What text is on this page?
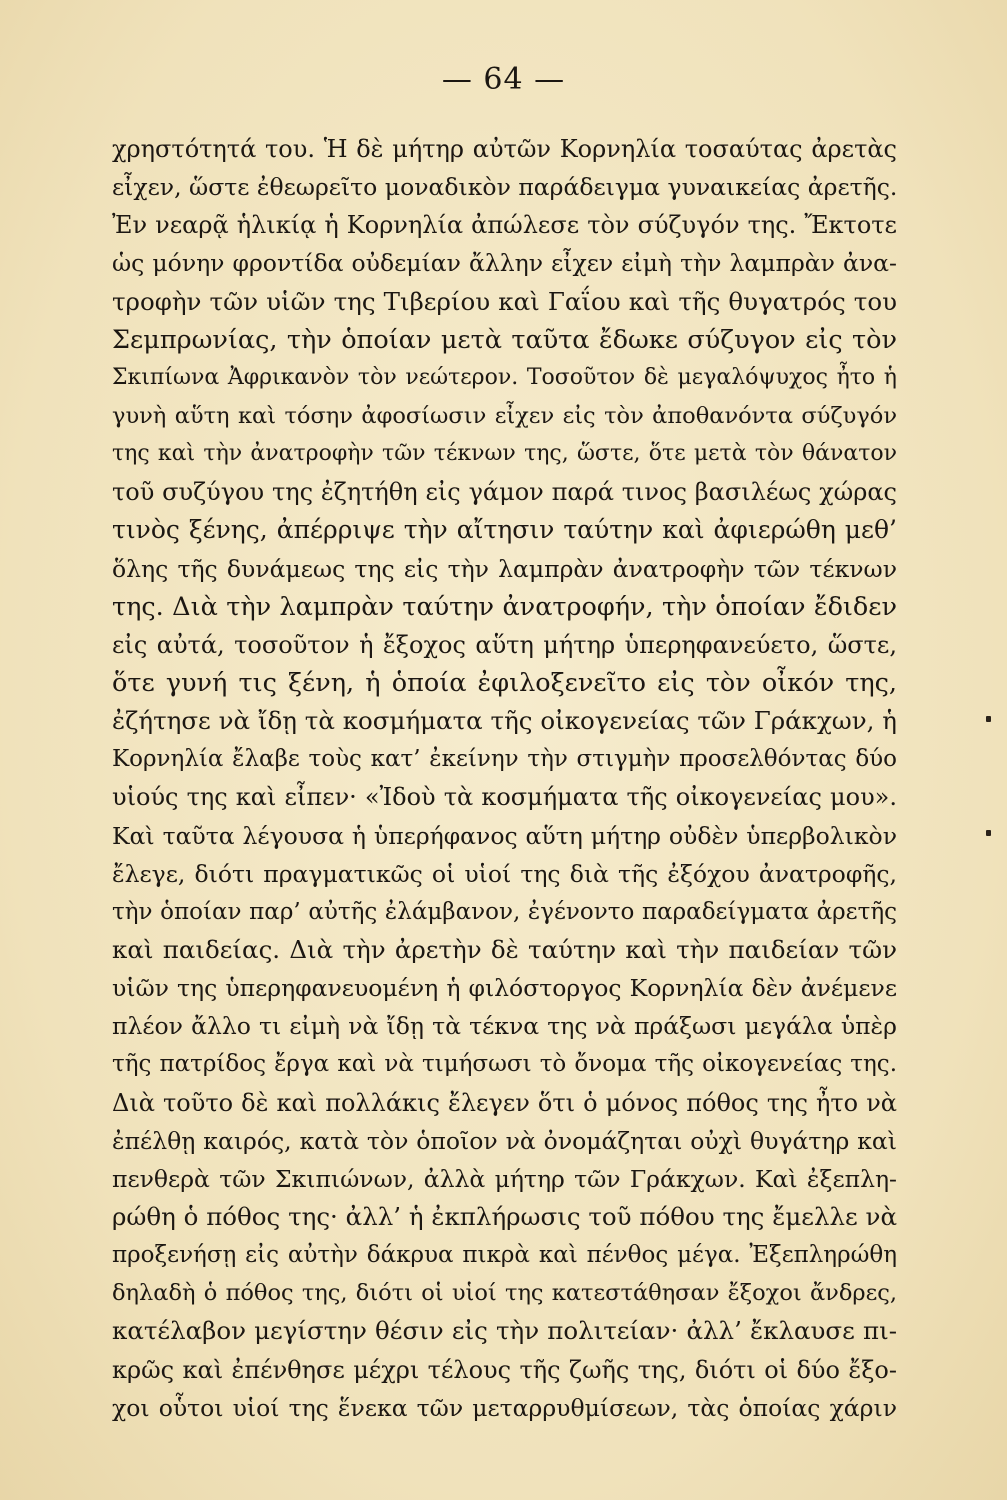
— 64 —
χρηστότητά του. Ἡ δὲ μήτηρ αὐτῶν Κορνηλία τοσαύτας ἀρετὰς
εἶχεν, ὥστε ἐθεωρεῖτο μοναδικὸν παράδειγμα γυναικείας ἀρετῆς.
Ἐν νεαρᾷ ἡλικίᾳ ἡ Κορνηλία ἀπώλεσε τὸν σύζυγόν της. Ἔκτοτε
ὡς μόνην φροντίδα οὐδεμίαν ἄλλην εἶχεν εἰμὴ τὴν λαμπρὰν ἀνα-
τροφὴν τῶν υἱῶν της Τιβερίου καὶ Γαΐου καὶ τῆς θυγατρός του
Σεμπρωνίας, τὴν ὁποίαν μετὰ ταῦτα ἔδωκε σύζυγον εἰς τὸν
Σκιπίωνα Ἀφρικανὸν τὸν νεώτερον. Τοσοῦτον δὲ μεγαλόψυχος ἦτο ἡ
γυνὴ αὕτη καὶ τόσην ἀφοσίωσιν εἶχεν εἰς τὸν ἀποθανόντα σύζυγόν
της καὶ τὴν ἀνατροφὴν τῶν τέκνων της, ὥστε, ὅτε μετὰ τὸν θάνατον
τοῦ συζύγου της ἐζητήθη εἰς γάμον παρά τινος βασιλέως χώρας
τινὸς ξένης, ἀπέρριψε τὴν αἴτησιν ταύτην καὶ ἀφιερώθη μεθ’
ὅλης τῆς δυνάμεως της εἰς τὴν λαμπρὰν ἀνατροφὴν τῶν τέκνων
της. Διὰ τὴν λαμπρὰν ταύτην ἀνατροφήν, τὴν ὁποίαν ἔδιδεν
εἰς αὐτά, τοσοῦτον ἡ ἔξοχος αὕτη μήτηρ ὑπερηφανεύετο, ὥστε,
ὅτε γυνή τις ξένη, ἡ ὁποία ἐφιλοξενεῖτο εἰς τὸν οἶκόν της,
ἐζήτησε νὰ ἴδῃ τὰ κοσμήματα τῆς οἰκογενείας τῶν Γράκχων, ἡ
Κορνηλία ἔλαβε τοὺς κατ’ ἐκείνην τὴν στιγμὴν προσελθόντας δύο
υἱούς της καὶ εἶπεν· «Ἰδοὺ τὰ κοσμήματα τῆς οἰκογενείας μου».
Καὶ ταῦτα λέγουσα ἡ ὑπερήφανος αὕτη μήτηρ οὐδὲν ὑπερβολικὸν
ἔλεγε, διότι πραγματικῶς οἱ υἱοί της διὰ τῆς ἐξόχου ἀνατροφῆς,
τὴν ὁποίαν παρ’ αὐτῆς ἐλάμβανον, ἐγένοντο παραδείγματα ἀρετῆς
καὶ παιδείας. Διὰ τὴν ἀρετὴν δὲ ταύτην καὶ τὴν παιδείαν τῶν
υἱῶν της ὑπερηφανευομένη ἡ φιλόστοργος Κορνηλία δὲν ἀνέμενε
πλέον ἄλλο τι εἰμὴ νὰ ἴδῃ τὰ τέκνα της νὰ πράξωσι μεγάλα ὑπὲρ
τῆς πατρίδος ἔργα καὶ νὰ τιμήσωσι τὸ ὄνομα τῆς οἰκογενείας της.
Διὰ τοῦτο δὲ καὶ πολλάκις ἔλεγεν ὅτι ὁ μόνος πόθος της ἦτο νὰ
ἐπέλθῃ καιρός, κατὰ τὸν ὁποῖον νὰ ὀνομάζηται οὐχὶ θυγάτηρ καὶ
πενθερὰ τῶν Σκιπιώνων, ἀλλὰ μήτηρ τῶν Γράκχων. Καὶ ἐξεπλη-
ρώθη ὁ πόθος της· ἀλλ’ ἡ ἐκπλήρωσις τοῦ πόθου της ἔμελλε νὰ
προξενήσῃ εἰς αὐτὴν δάκρυα πικρὰ καὶ πένθος μέγα. Ἐξεπληρώθη
δηλαδὴ ὁ πόθος της, διότι οἱ υἱοί της κατεστάθησαν ἔξοχοι ἄνδρες,
κατέλαβον μεγίστην θέσιν εἰς τὴν πολιτείαν· ἀλλ’ ἔκλαυσε πι-
κρῶς καὶ ἐπένθησε μέχρι τέλους τῆς ζωῆς της, διότι οἱ δύο ἔξο-
χοι οὗτοι υἱοί της ἕνεκα τῶν μεταρρυθμίσεων, τὰς ὁποίας χάριν
